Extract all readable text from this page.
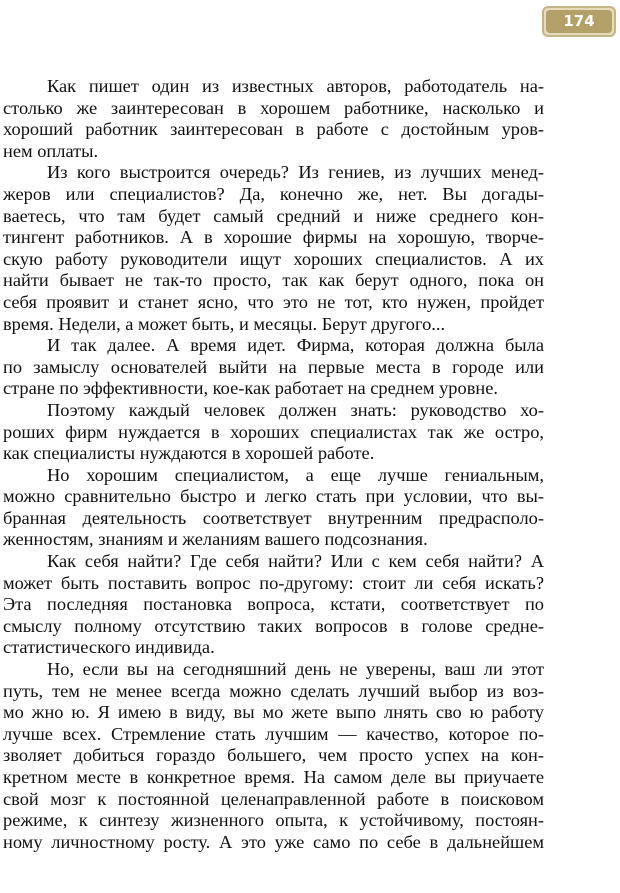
174
Как пишет один из известных авторов, работодатель на-
столько же заинтересован в хорошем работнике, насколько и
хороший работник заинтересован в работе с достойным уров-
нем оплаты.
Из кого выстроится очередь? Из гениев, из лучших менед-
жеров или специалистов? Да, конечно же, нет. Вы догады-
ваетесь, что там будет самый средний и ниже среднего кон-
тингент работников. А в хорошие фирмы на хорошую, творче-
скую работу руководители ищут хороших специалистов. А их
найти бывает не так-то просто, так как берут одного, пока он
себя проявит и станет ясно, что это не тот, кто нужен, пройдет
время. Недели, а может быть, и месяцы. Берут другого...
И так далее. А время идет. Фирма, которая должна была
по замыслу основателей выйти на первые места в городе или
стране по эффективности, кое-как работает на среднем уровне.
Поэтому каждый человек должен знать: руководство хо-
роших фирм нуждается в хороших специалистах так же остро,
как специалисты нуждаются в хорошей работе.
Но хорошим специалистом, а еще лучше гениальным,
можно сравнительно быстро и легко стать при условии, что вы-
бранная деятельность соответствует внутренним предрасполо-
женностям, знаниям и желаниям вашего подсознания.
Как себя найти? Где себя найти? Или с кем себя найти? А
может быть поставить вопрос по-другому: стоит ли себя искать?
Эта последняя постановка вопроса, кстати, соответствует по
смыслу полному отсутствию таких вопросов в голове средне-
статистического индивида.
Но, если вы на сегодняшний день не уверены, ваш ли этот
путь, тем не менее всегда можно сделать лучший выбор из воз-
мо жно ю. Я имею в виду, вы мо жете выпо лнять сво ю работу
лучше всех. Стремление стать лучшим — качество, которое по-
зволяет добиться гораздо большего, чем просто успех на кон-
кретном месте в конкретное время. На самом деле вы приучаете
свой мозг к постоянной целенаправленной работе в поисковом
режиме, к синтезу жизненного опыта, к устойчивому, постоян-
ному личностному росту. А это уже само по себе в дальнейшем
